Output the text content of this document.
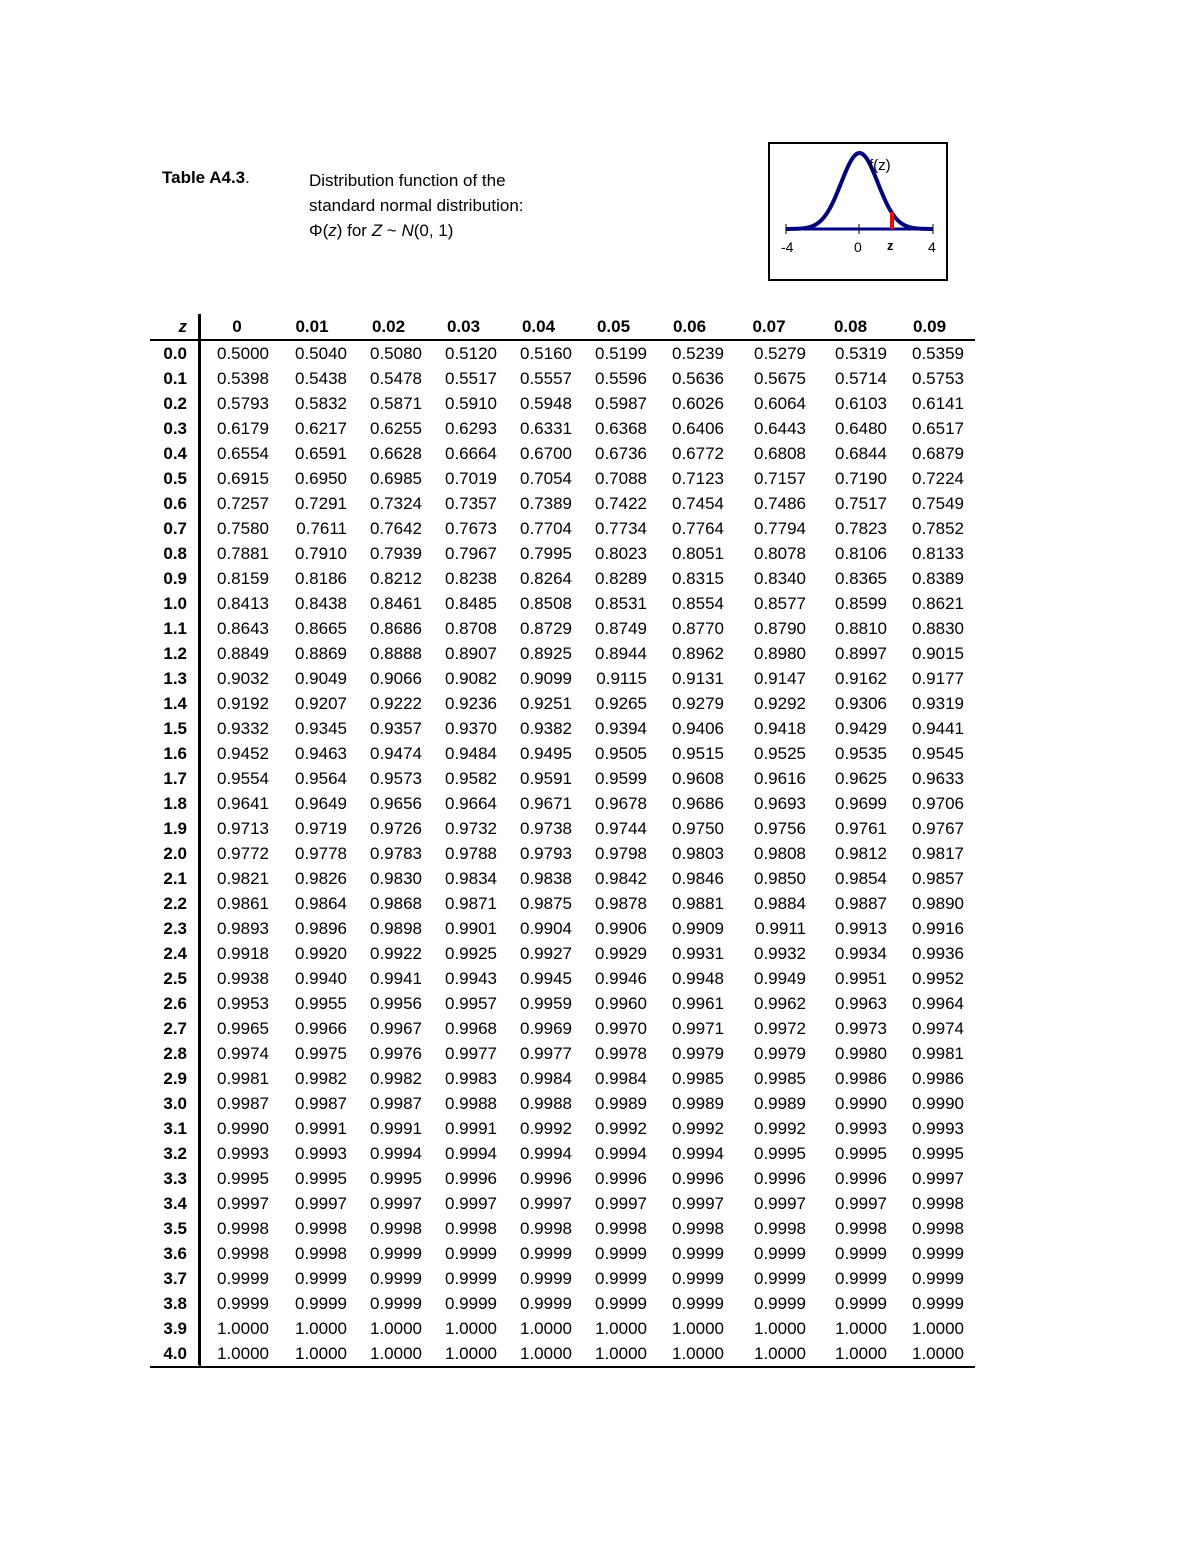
Table A4.3.	Distribution function of the
standard normal distribution:
Φ(z) for Z ~ N(0, 1)
f(z)
-4	0 z 4
z	0	0.01	0.02	0.03	0.04	0.05	0.06	0.07	0.08	0.09
0.0	0.5000	0.5040	0.5080	0.5120	0.5160	0.5199	0.5239	0.5279	0.5319	0.5359
0.1	0.5398	0.5438	0.5478	0.5517	0.5557	0.5596	0.5636	0.5675	0.5714	0.5753
0.2	0.5793	0.5832	0.5871	0.5910	0.5948	0.5987	0.6026	0.6064	0.6103	0.6141
0.3	0.6179	0.6217	0.6255	0.6293	0.6331	0.6368	0.6406	0.6443	0.6480	0.6517
0.4	0.6554	0.6591	0.6628	0.6664	0.6700	0.6736	0.6772	0.6808	0.6844	0.6879
0.5	0.6915	0.6950	0.6985	0.7019	0.7054	0.7088	0.7123	0.7157	0.7190	0.7224
0.6	0.7257	0.7291	0.7324	0.7357	0.7389	0.7422	0.7454	0.7486	0.7517	0.7549
0.7	0.7580	0.7611	0.7642	0.7673	0.7704	0.7734	0.7764	0.7794	0.7823	0.7852
0.8	0.7881	0.7910	0.7939	0.7967	0.7995	0.8023	0.8051	0.8078	0.8106	0.8133
0.9	0.8159	0.8186	0.8212	0.8238	0.8264	0.8289	0.8315	0.8340	0.8365	0.8389
1.0	0.8413	0.8438	0.8461	0.8485	0.8508	0.8531	0.8554	0.8577	0.8599	0.8621
1.1	0.8643	0.8665	0.8686	0.8708	0.8729	0.8749	0.8770	0.8790	0.8810	0.8830
1.2	0.8849	0.8869	0.8888	0.8907	0.8925	0.8944	0.8962	0.8980	0.8997	0.9015
1.3	0.9032	0.9049	0.9066	0.9082	0.9099	0.9115	0.9131	0.9147	0.9162	0.9177
1.4	0.9192	0.9207	0.9222	0.9236	0.9251	0.9265	0.9279	0.9292	0.9306	0.9319
1.5	0.9332	0.9345	0.9357	0.9370	0.9382	0.9394	0.9406	0.9418	0.9429	0.9441
1.6	0.9452	0.9463	0.9474	0.9484	0.9495	0.9505	0.9515	0.9525	0.9535	0.9545
1.7	0.9554	0.9564	0.9573	0.9582	0.9591	0.9599	0.9608	0.9616	0.9625	0.9633
1.8	0.9641	0.9649	0.9656	0.9664	0.9671	0.9678	0.9686	0.9693	0.9699	0.9706
1.9	0.9713	0.9719	0.9726	0.9732	0.9738	0.9744	0.9750	0.9756	0.9761	0.9767
2.0	0.9772	0.9778	0.9783	0.9788	0.9793	0.9798	0.9803	0.9808	0.9812	0.9817
2.1	0.9821	0.9826	0.9830	0.9834	0.9838	0.9842	0.9846	0.9850	0.9854	0.9857
2.2	0.9861	0.9864	0.9868	0.9871	0.9875	0.9878	0.9881	0.9884	0.9887	0.9890
2.3	0.9893	0.9896	0.9898	0.9901	0.9904	0.9906	0.9909	0.9911	0.9913	0.9916
2.4	0.9918	0.9920	0.9922	0.9925	0.9927	0.9929	0.9931	0.9932	0.9934	0.9936
2.5	0.9938	0.9940	0.9941	0.9943	0.9945	0.9946	0.9948	0.9949	0.9951	0.9952
2.6	0.9953	0.9955	0.9956	0.9957	0.9959	0.9960	0.9961	0.9962	0.9963	0.9964
2.7	0.9965	0.9966	0.9967	0.9968	0.9969	0.9970	0.9971	0.9972	0.9973	0.9974
2.8	0.9974	0.9975	0.9976	0.9977	0.9977	0.9978	0.9979	0.9979	0.9980	0.9981
2.9	0.9981	0.9982	0.9982	0.9983	0.9984	0.9984	0.9985	0.9985	0.9986	0.9986
3.0	0.9987	0.9987	0.9987	0.9988	0.9988	0.9989	0.9989	0.9989	0.9990	0.9990
3.1	0.9990	0.9991	0.9991	0.9991	0.9992	0.9992	0.9992	0.9992	0.9993	0.9993
3.2	0.9993	0.9993	0.9994	0.9994	0.9994	0.9994	0.9994	0.9995	0.9995	0.9995
3.3	0.9995	0.9995	0.9995	0.9996	0.9996	0.9996	0.9996	0.9996	0.9996	0.9997
3.4	0.9997	0.9997	0.9997	0.9997	0.9997	0.9997	0.9997	0.9997	0.9997	0.9998
3.5	0.9998	0.9998	0.9998	0.9998	0.9998	0.9998	0.9998	0.9998	0.9998	0.9998
3.6	0.9998	0.9998	0.9999	0.9999	0.9999	0.9999	0.9999	0.9999	0.9999	0.9999
3.7	0.9999	0.9999	0.9999	0.9999	0.9999	0.9999	0.9999	0.9999	0.9999	0.9999
3.8	0.9999	0.9999	0.9999	0.9999	0.9999	0.9999	0.9999	0.9999	0.9999	0.9999
3.9	1.0000	1.0000	1.0000	1.0000	1.0000	1.0000	1.0000	1.0000	1.0000	1.0000
4.0	1.0000	1.0000	1.0000	1.0000	1.0000	1.0000	1.0000	1.0000	1.0000	1.0000
